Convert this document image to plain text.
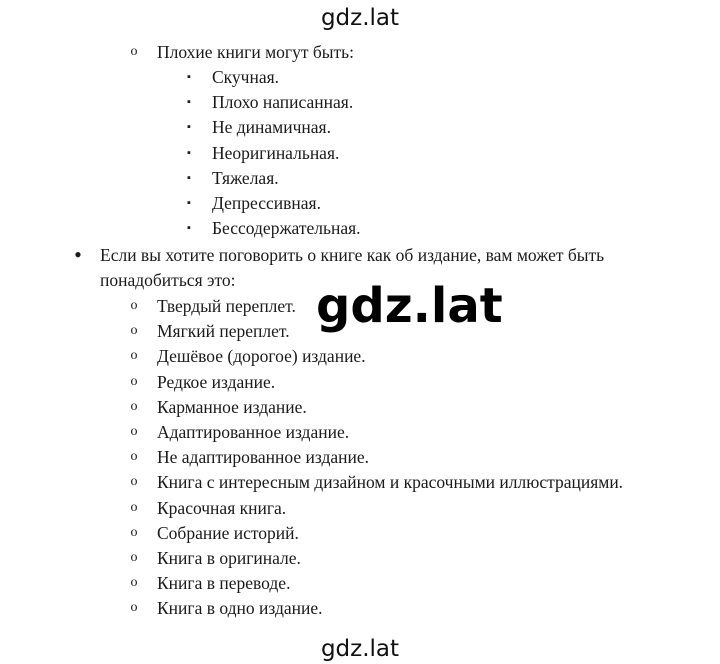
gdz.lat
o Плохие книги могут быть:
▪ Скучная.
▪ Плохо написанная.
▪ Не динамичная.
▪ Неоригинальная.
▪ Тяжелая.
▪ Депрессивная.
▪ Бессодержательная.
• Если вы хотите поговорить о книге как об издание, вам может быть
понадобиться это:
o Твердый переплет.
o Мягкий переплет.
o Дешёвое (дорогое) издание.
o Редкое издание.
o Карманное издание.
o Адаптированное издание.
o Не адаптированное издание.
o Книга с интересным дизайном и красочными иллюстрациями.
o Красочная книга.
o Собрание историй.
o Книга в оригинале.
o Книга в переводе.
o Книга в одно издание.
gdz.lat
gdz.lat
